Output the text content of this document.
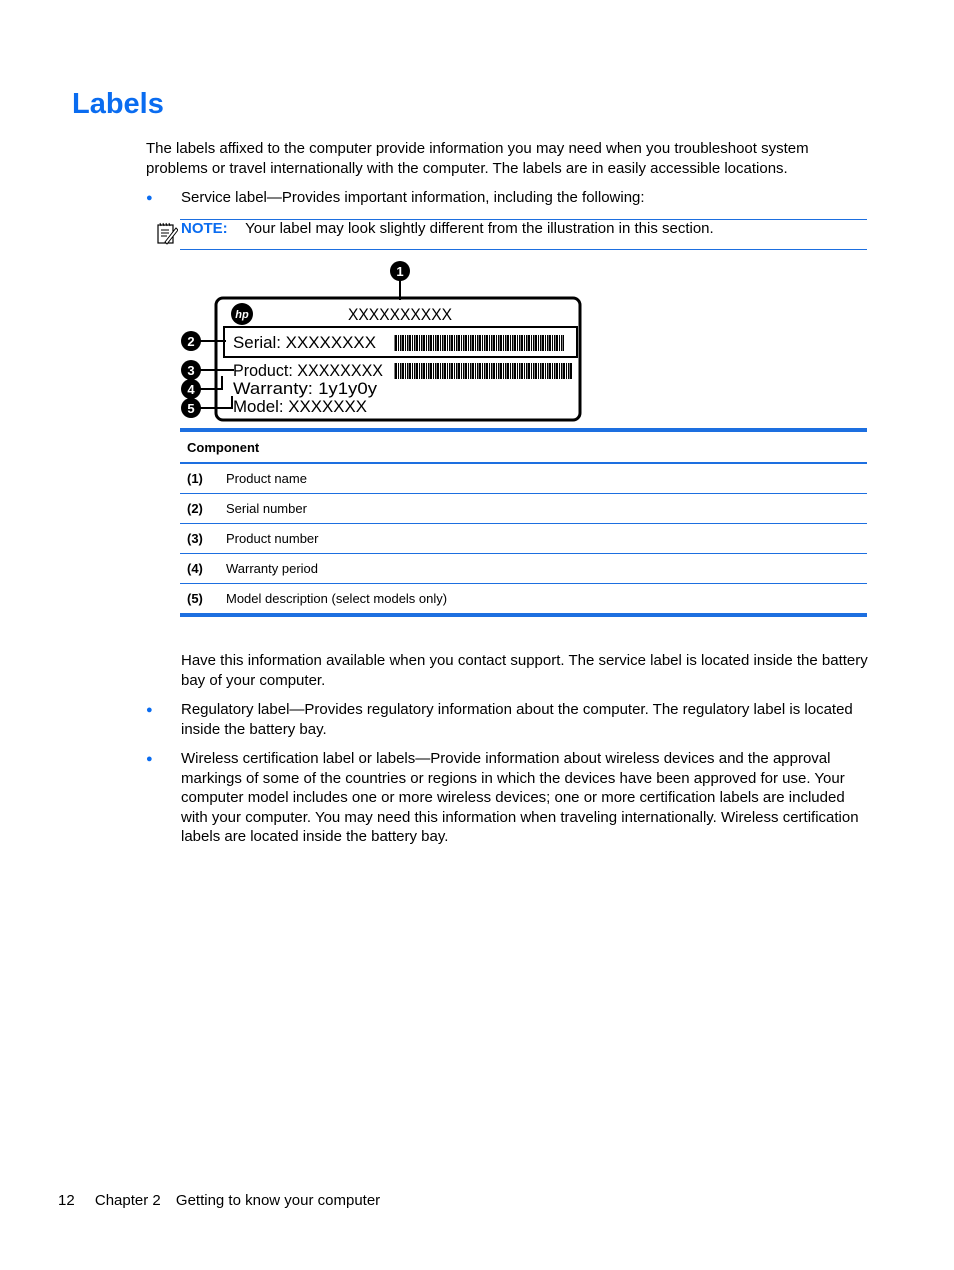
Labels
The labels affixed to the computer provide information you may need when you troubleshoot system problems or travel internationally with the computer. The labels are in easily accessible locations.
● Service label—Provides important information, including the following:
NOTE: Your label may look slightly different from the illustration in this section.
hp	XXXXXXXXXX
Serial: XXXXXXXX
Product: XXXXXXXX
Warranty: 1y1y0y
Model: XXXXXXX
1
2
3
4
5
Component	
(1)	Product name
(2)	Serial number
(3)	Product number
(4)	Warranty period
(5)	Model description (select models only)
Have this information available when you contact support. The service label is located inside the battery bay of your computer.
● Regulatory label—Provides regulatory information about the computer. The regulatory label is located inside the battery bay.
● Wireless certification label or labels—Provide information about wireless devices and the approval markings of some of the countries or regions in which the devices have been approved for use. Your computer model includes one or more wireless devices; one or more certification labels are included with your computer. You may need this information when traveling internationally. Wireless certification labels are located inside the battery bay.
12 Chapter 2 Getting to know your computer
